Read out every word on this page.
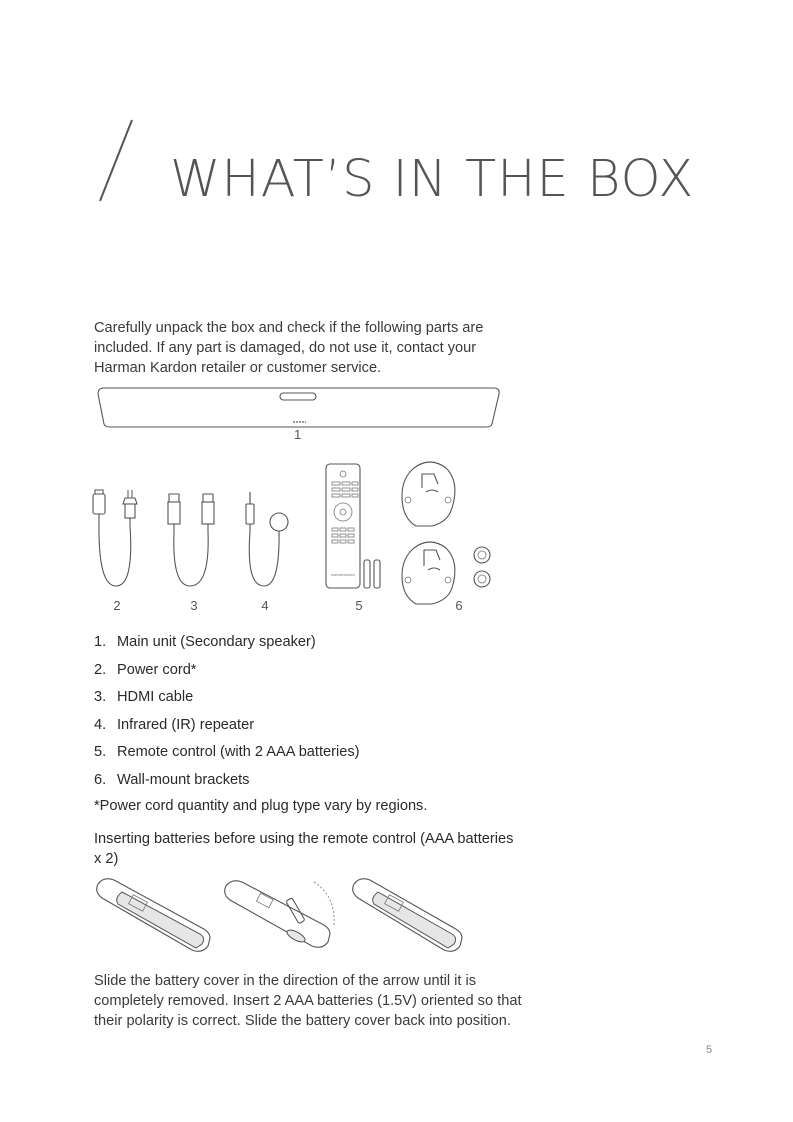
WHAT’S IN THE BOX

Carefully unpack the box and check if the following parts are included. If any part is damaged, do not use it, contact your Harman Kardon retailer or customer service.

1
harman/kardon
2	3	4	5	6
1. Main unit (Secondary speaker)
2. Power cord*
3. HDMI cable
4. Infrared (IR) repeater
5. Remote control (with 2 AAA batteries)
6. Wall-mount brackets

*Power cord quantity and plug type vary by regions.

Inserting batteries before using the remote control (AAA batteries x 2)

Slide the battery cover in the direction of the arrow until it is completely removed. Insert 2 AAA batteries (1.5V) oriented so that their polarity is correct. Slide the battery cover back into position.

5
